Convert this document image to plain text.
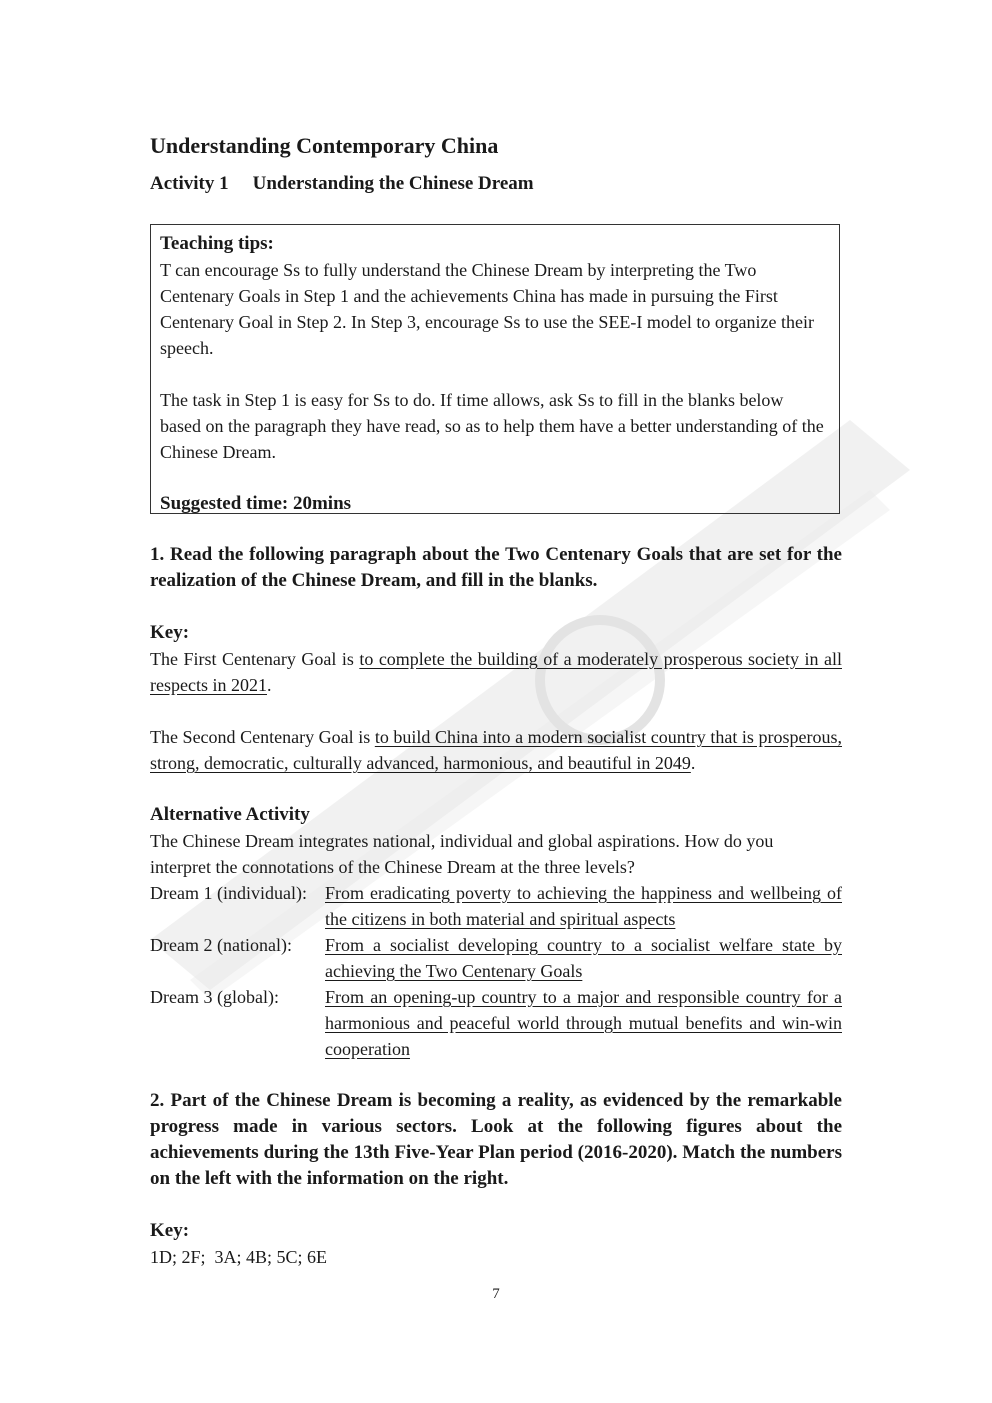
Understanding Contemporary China
Activity 1 Understanding the Chinese Dream

Teaching tips:

T can encourage Ss to fully understand the Chinese Dream by interpreting the Two Centenary Goals in Step 1 and the achievements China has made in pursuing the First Centenary Goal in Step 2. In Step 3, encourage Ss to use the SEE-I model to organize their speech.

The task in Step 1 is easy for Ss to do. If time allows, ask Ss to fill in the blanks below based on the paragraph they have read, so as to help them have a better understanding of the Chinese Dream.

Suggested time: 20mins

1. Read the following paragraph about the Two Centenary Goals that are set for the realization of the Chinese Dream, and fill in the blanks.

Key:

The First Centenary Goal is to complete the building of a moderately prosperous society in all respects in 2021.

The Second Centenary Goal is to build China into a modern socialist country that is prosperous, strong, democratic, culturally advanced, harmonious, and beautiful in 2049.

Alternative Activity

The Chinese Dream integrates national, individual and global aspirations. How do you interpret the connotations of the Chinese Dream at the three levels?

Dream 1 (individual):	From eradicating poverty to achieving the happiness and wellbeing of the citizens in both material and spiritual aspects
Dream 2 (national):	From a socialist developing country to a socialist welfare state by achieving the Two Centenary Goals
Dream 3 (global):	From an opening-up country to a major and responsible country for a harmonious and peaceful world through mutual benefits and win-win cooperation

2. Part of the Chinese Dream is becoming a reality, as evidenced by the remarkable progress made in various sectors. Look at the following figures about the achievements during the 13th Five-Year Plan period (2016-2020). Match the numbers on the left with the information on the right.

Key:

1D; 2F;  3A; 4B; 5C; 6E

7
